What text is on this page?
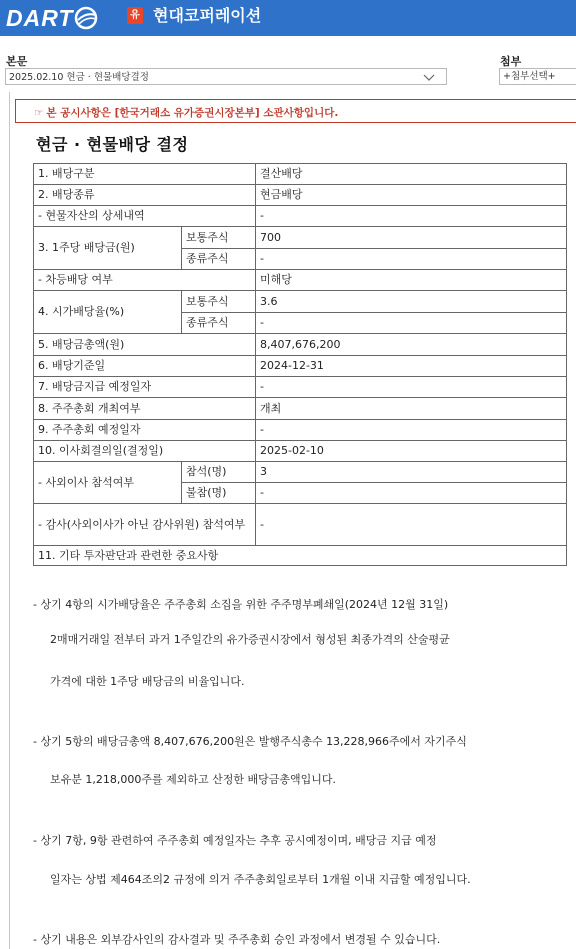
DART	유 현대코퍼레이션
본문	첨부
2025.02.10 현금 · 현물배당결정	+첨부선택+
☞ 본 공시사항은 [한국거래소 유가증권시장본부] 소관사항입니다.
현금 · 현물배당 결정
1. 배당구분		결산배당
2. 배당종류		현금배당
- 현물자산의 상세내역		-
3. 1주당 배당금(원)	보통주식	700
	종류주식	-
- 차등배당 여부		미해당
4. 시가배당율(%)	보통주식	3.6
	종류주식	-
5. 배당금총액(원)		8,407,676,200
6. 배당기준일		2024-12-31
7. 배당금지급 예정일자		-
8. 주주총회 개최여부		개최
9. 주주총회 예정일자		-
10. 이사회결의일(결정일)		2025-02-10
- 사외이사 참석여부	참석(명)	3
	불참(명)	-
- 감사(사외이사가 아닌 감사위원) 참석여부		-
11. 기타 투자판단과 관련한 중요사항		
- 상기 4항의 시가배당율은 주주총회 소집을 위한 주주명부폐쇄일(2024년 12월 31일)
2매매거래일 전부터 과거 1주일간의 유가증권시장에서 형성된 최종가격의 산술평균
가격에 대한 1주당 배당금의 비율입니다.
- 상기 5항의 배당금총액 8,407,676,200원은 발행주식총수 13,228,966주에서 자기주식
보유분 1,218,000주를 제외하고 산정한 배당금총액입니다.
- 상기 7항, 9항 관련하여 주주총회 예정일자는 추후 공시예정이며, 배당금 지급 예정
일자는 상법 제464조의2 규정에 의거 주주총회일로부터 1개월 이내 지급할 예정입니다.
- 상기 내용은 외부감사인의 감사결과 및 주주총회 승인 과정에서 변경될 수 있습니다.
